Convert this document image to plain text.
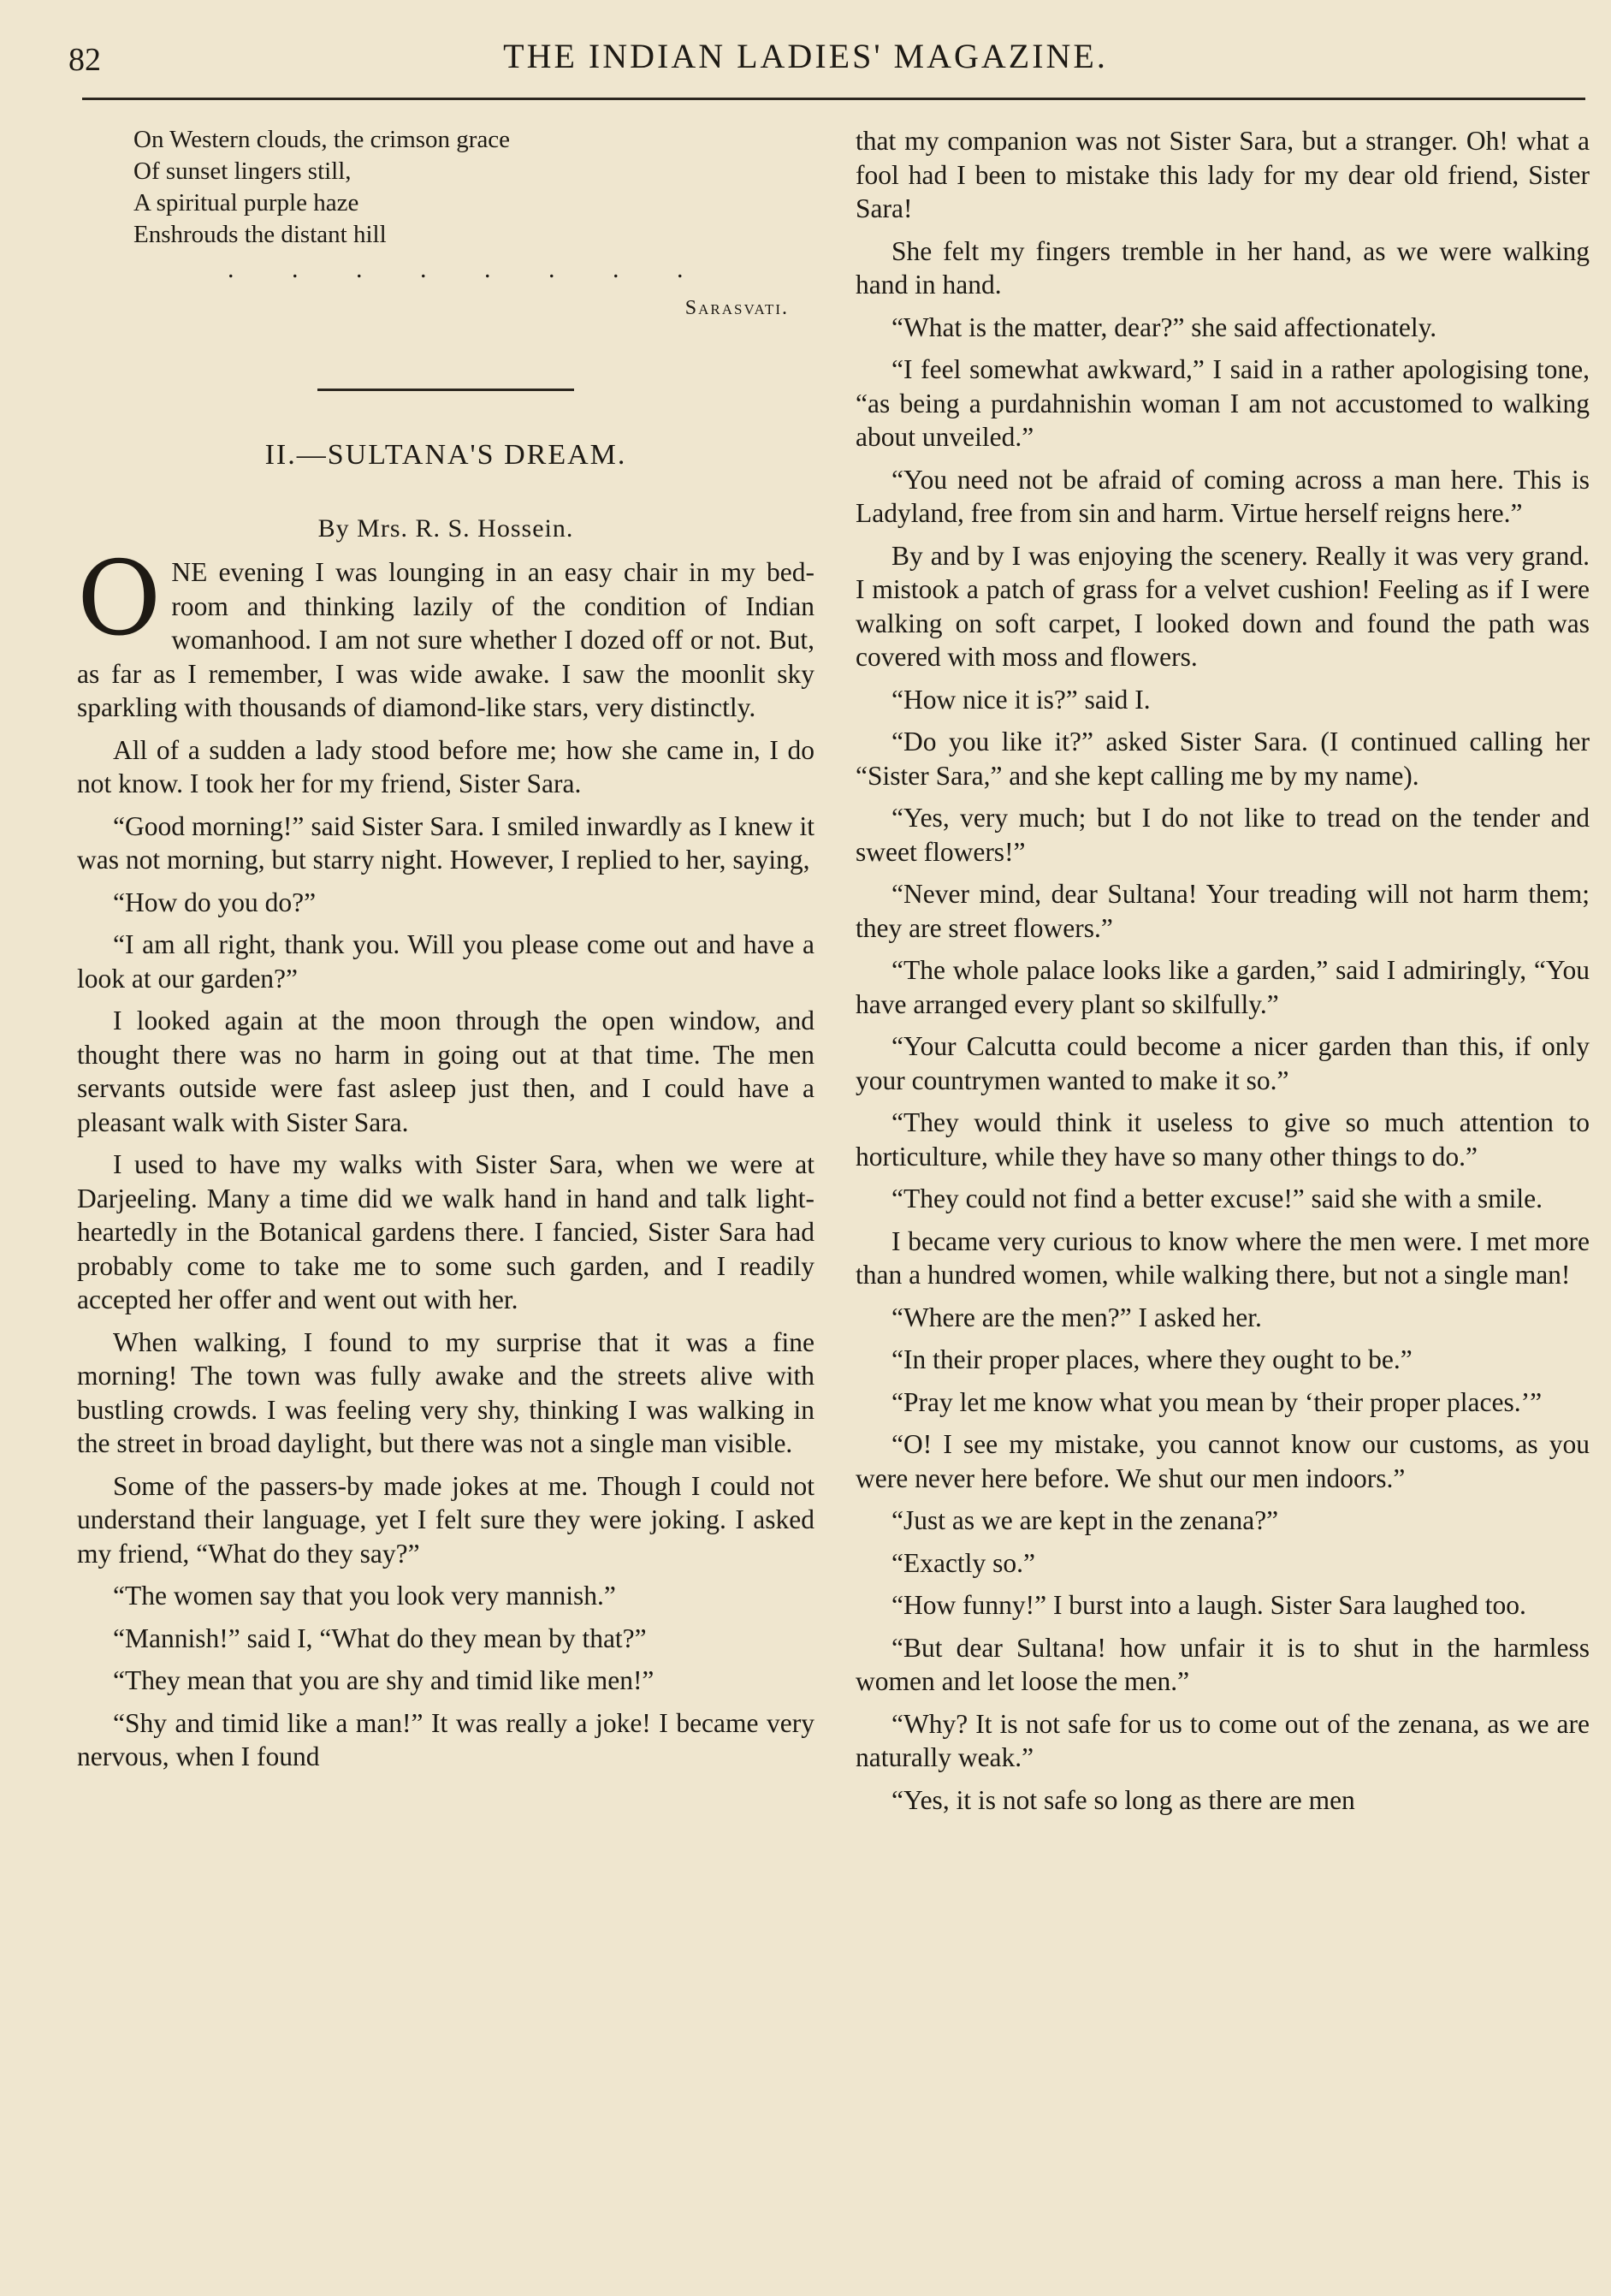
82	THE INDIAN LADIES' MAGAZINE.
On Western clouds, the crimson grace
Of sunset lingers still,
A spiritual purple haze
Enshrouds the distant hill
. . . . . . . .
Sarasvati.
II.—SULTANA'S DREAM.
By Mrs. R. S. Hossein.

ONE evening I was lounging in an easy chair in my bed-room and thinking lazily of the condition of Indian womanhood. I am not sure whether I dozed off or not. But, as far as I remember, I was wide awake. I saw the moonlit sky sparkling with thousands of diamond-like stars, very distinctly.

All of a sudden a lady stood before me; how she came in, I do not know. I took her for my friend, Sister Sara.

“Good morning!” said Sister Sara. I smiled inwardly as I knew it was not morning, but starry night. However, I replied to her, saying,

“How do you do?”

“I am all right, thank you. Will you please come out and have a look at our garden?”

I looked again at the moon through the open window, and thought there was no harm in going out at that time. The men servants outside were fast asleep just then, and I could have a pleasant walk with Sister Sara.

I used to have my walks with Sister Sara, when we were at Darjeeling. Many a time did we walk hand in hand and talk light-heartedly in the Botanical gardens there. I fancied, Sister Sara had probably come to take me to some such garden, and I readily accepted her offer and went out with her.

When walking, I found to my surprise that it was a fine morning! The town was fully awake and the streets alive with bustling crowds. I was feeling very shy, thinking I was walking in the street in broad daylight, but there was not a single man visible.

Some of the passers-by made jokes at me. Though I could not understand their language, yet I felt sure they were joking. I asked my friend, “What do they say?”

“The women say that you look very mannish.”

“Mannish!” said I, “What do they mean by that?”

“They mean that you are shy and timid like men!”

“Shy and timid like a man!” It was really a joke! I became very nervous, when I found

that my companion was not Sister Sara, but a stranger. Oh! what a fool had I been to mistake this lady for my dear old friend, Sister Sara!

She felt my fingers tremble in her hand, as we were walking hand in hand.

“What is the matter, dear?” she said affectionately.

“I feel somewhat awkward,” I said in a rather apologising tone, “as being a purdahnishin woman I am not accustomed to walking about unveiled.”

“You need not be afraid of coming across a man here. This is Ladyland, free from sin and harm. Virtue herself reigns here.”

By and by I was enjoying the scenery. Really it was very grand. I mistook a patch of grass for a velvet cushion! Feeling as if I were walking on soft carpet, I looked down and found the path was covered with moss and flowers.

“How nice it is?” said I.

“Do you like it?” asked Sister Sara. (I continued calling her “Sister Sara,” and she kept calling me by my name).

“Yes, very much; but I do not like to tread on the tender and sweet flowers!”

“Never mind, dear Sultana! Your treading will not harm them; they are street flowers.”

“The whole palace looks like a garden,” said I admiringly, “You have arranged every plant so skilfully.”

“Your Calcutta could become a nicer garden than this, if only your countrymen wanted to make it so.”

“They would think it useless to give so much attention to horticulture, while they have so many other things to do.”

“They could not find a better excuse!” said she with a smile.

I became very curious to know where the men were. I met more than a hundred women, while walking there, but not a single man!

“Where are the men?” I asked her.

“In their proper places, where they ought to be.”

“Pray let me know what you mean by ‘their proper places.’”

“O! I see my mistake, you cannot know our customs, as you were never here before. We shut our men indoors.”

“Just as we are kept in the zenana?”

“Exactly so.”

“How funny!” I burst into a laugh. Sister Sara laughed too.

“But dear Sultana! how unfair it is to shut in the harmless women and let loose the men.”

“Why? It is not safe for us to come out of the zenana, as we are naturally weak.”

“Yes, it is not safe so long as there are men
